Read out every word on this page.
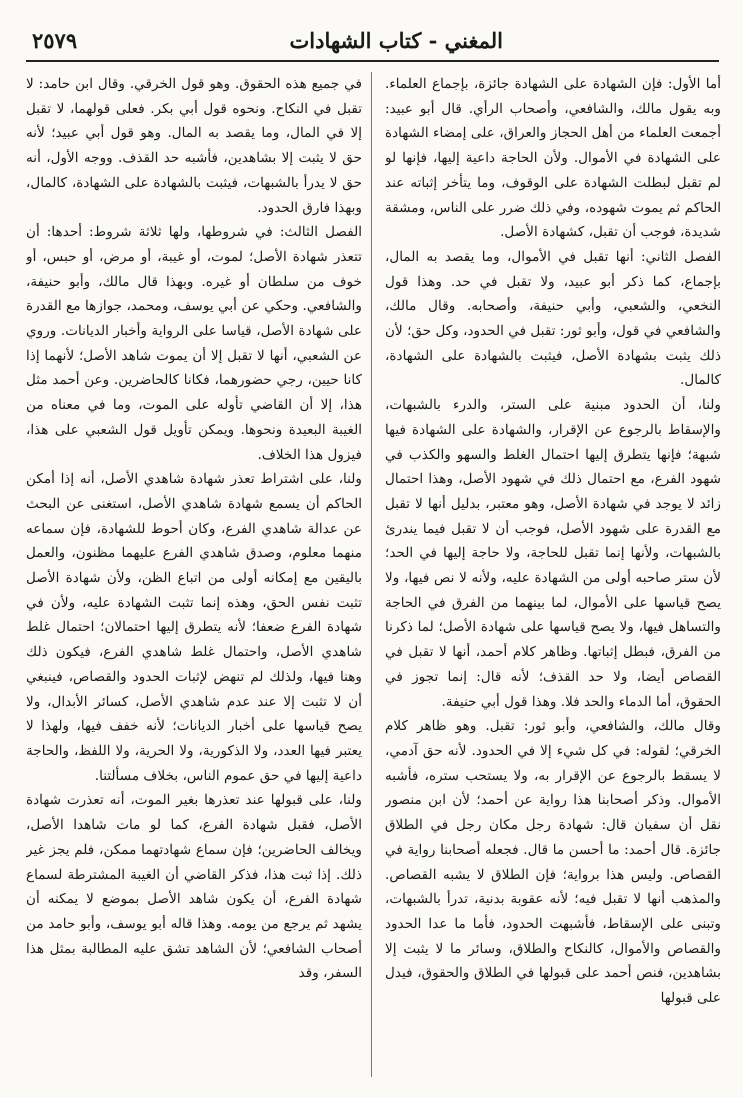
المغني - كتاب الشهادات
٢٥٧٩

أما الأول: فإن الشهادة على الشهادة جائزة، بإجماع العلماء. وبه يقول مالك، والشافعي، وأصحاب الرأي. قال أبو عبيد: أجمعت العلماء من أهل الحجاز والعراق، على إمضاء الشهادة على الشهادة في الأموال. ولأن الحاجة داعية إليها، فإنها لو لم تقبل لبطلت الشهادة على الوقوف، وما يتأخر إثباته عند الحاكم ثم يموت شهوده، وفي ذلك ضرر على الناس، ومشقة شديدة، فوجب أن تقبل، كشهادة الأصل.

الفصل الثاني: أنها تقبل في الأموال، وما يقصد به المال، بإجماع، كما ذكر أبو عبيد، ولا تقبل في حد. وهذا قول النخعي، والشعبي، وأبي حنيفة، وأصحابه. وقال مالك، والشافعي في قول، وأبو ثور: تقبل في الحدود، وكل حق؛ لأن ذلك يثبت بشهادة الأصل، فيثبت بالشهادة على الشهادة، كالمال.

ولنا، أن الحدود مبنية على الستر، والدرء بالشبهات، والإسقاط بالرجوع عن الإقرار، والشهادة على الشهادة فيها شبهة؛ فإنها يتطرق إليها احتمال الغلط والسهو والكذب في شهود الفرع، مع احتمال ذلك في شهود الأصل، وهذا احتمال زائد لا يوجد في شهادة الأصل، وهو معتبر، بدليل أنها لا تقبل مع القدرة على شهود الأصل، فوجب أن لا تقبل فيما يندرئ بالشبهات، ولأنها إنما تقبل للحاجة، ولا حاجة إليها في الحد؛ لأن ستر صاحبه أولى من الشهادة عليه، ولأنه لا نص فيها، ولا يصح قياسها على الأموال، لما بينهما من الفرق في الحاجة والتساهل فيها، ولا يصح قياسها على شهادة الأصل؛ لما ذكرنا من الفرق، فبطل إثباتها. وظاهر كلام أحمد، أنها لا تقبل في القصاص أيضا، ولا حد القذف؛ لأنه قال: إنما تجوز في الحقوق، أما الدماء والحد فلا. وهذا قول أبي حنيفة.

وقال مالك، والشافعي، وأبو ثور: تقبل. وهو ظاهر كلام الخرقي؛ لقوله: في كل شيء إلا في الحدود. لأنه حق آدمي، لا يسقط بالرجوع عن الإقرار به، ولا يستحب ستره، فأشبه الأموال. وذكر أصحابنا هذا رواية عن أحمد؛ لأن ابن منصور نقل أن سفيان قال: شهادة رجل مكان رجل في الطلاق جائزة. قال أحمد: ما أحسن ما قال. فجعله أصحابنا رواية في القصاص. وليس هذا برواية؛ فإن الطلاق لا يشبه القصاص. والمذهب أنها لا تقبل فيه؛ لأنه عقوبة بدنية، تدرأ بالشبهات، وتبنى على الإسقاط، فأشبهت الحدود، فأما ما عدا الحدود والقصاص والأموال، كالنكاح والطلاق، وسائر ما لا يثبت إلا بشاهدين، فنص أحمد على قبولها في الطلاق والحقوق، فيدل على قبولها

في جميع هذه الحقوق. وهو قول الخرقي. وقال ابن حامد: لا تقبل في النكاح. ونحوه قول أبي بكر. فعلى قولهما، لا تقبل إلا في المال، وما يقصد به المال. وهو قول أبي عبيد؛ لأنه حق لا يثبت إلا بشاهدين، فأشبه حد القذف. ووجه الأول، أنه حق لا يدرأ بالشبهات، فيثبت بالشهادة على الشهادة، كالمال، وبهذا فارق الحدود.

الفصل الثالث: في شروطها، ولها ثلاثة شروط: أحدها: أن تتعذر شهادة الأصل؛ لموت، أو غيبة، أو مرض، أو حبس، أو خوف من سلطان أو غيره. وبهذا قال مالك، وأبو حنيفة، والشافعي. وحكي عن أبي يوسف، ومحمد، جوازها مع القدرة على شهادة الأصل، قياسا على الرواية وأخبار الديانات. وروي عن الشعبي، أنها لا تقبل إلا أن يموت شاهد الأصل؛ لأنهما إذا كانا حيين، رجي حضورهما، فكانا كالحاضرين. وعن أحمد مثل هذا، إلا أن القاضي تأوله على الموت، وما في معناه من الغيبة البعيدة ونحوها. ويمكن تأويل قول الشعبي على هذا، فيزول هذا الخلاف.

ولنا، على اشتراط تعذر شهادة شاهدي الأصل، أنه إذا أمكن الحاكم أن يسمع شهادة شاهدي الأصل، استغنى عن البحث عن عدالة شاهدي الفرع، وكان أحوط للشهادة، فإن سماعه منهما معلوم، وصدق شاهدي الفرع عليهما مظنون، والعمل باليقين مع إمكانه أولى من اتباع الظن، ولأن شهادة الأصل تثبت نفس الحق، وهذه إنما تثبت الشهادة عليه، ولأن في شهادة الفرع ضعفا؛ لأنه يتطرق إليها احتمالان؛ احتمال غلط شاهدي الأصل، واحتمال غلط شاهدي الفرع، فيكون ذلك وهنا فيها، ولذلك لم تنهض لإثبات الحدود والقصاص، فينبغي أن لا تثبت إلا عند عدم شاهدي الأصل، كسائر الأبدال، ولا يصح قياسها على أخبار الديانات؛ لأنه خفف فيها، ولهذا لا يعتبر فيها العدد، ولا الذكورية، ولا الحرية، ولا اللفظ، والحاجة داعية إليها في حق عموم الناس، بخلاف مسألتنا.

ولنا، على قبولها عند تعذرها بغير الموت، أنه تعذرت شهادة الأصل، فقبل شهادة الفرع، كما لو مات شاهدا الأصل، ويخالف الحاضرين؛ فإن سماع شهادتهما ممكن، فلم يجز غير ذلك. إذا ثبت هذا، فذكر القاضي أن الغيبة المشترطة لسماع شهادة الفرع، أن يكون شاهد الأصل بموضع لا يمكنه أن يشهد ثم يرجع من يومه. وهذا قاله أبو يوسف، وأبو حامد من أصحاب الشافعي؛ لأن الشاهد تشق عليه المطالبة بمثل هذا السفر، وقد
